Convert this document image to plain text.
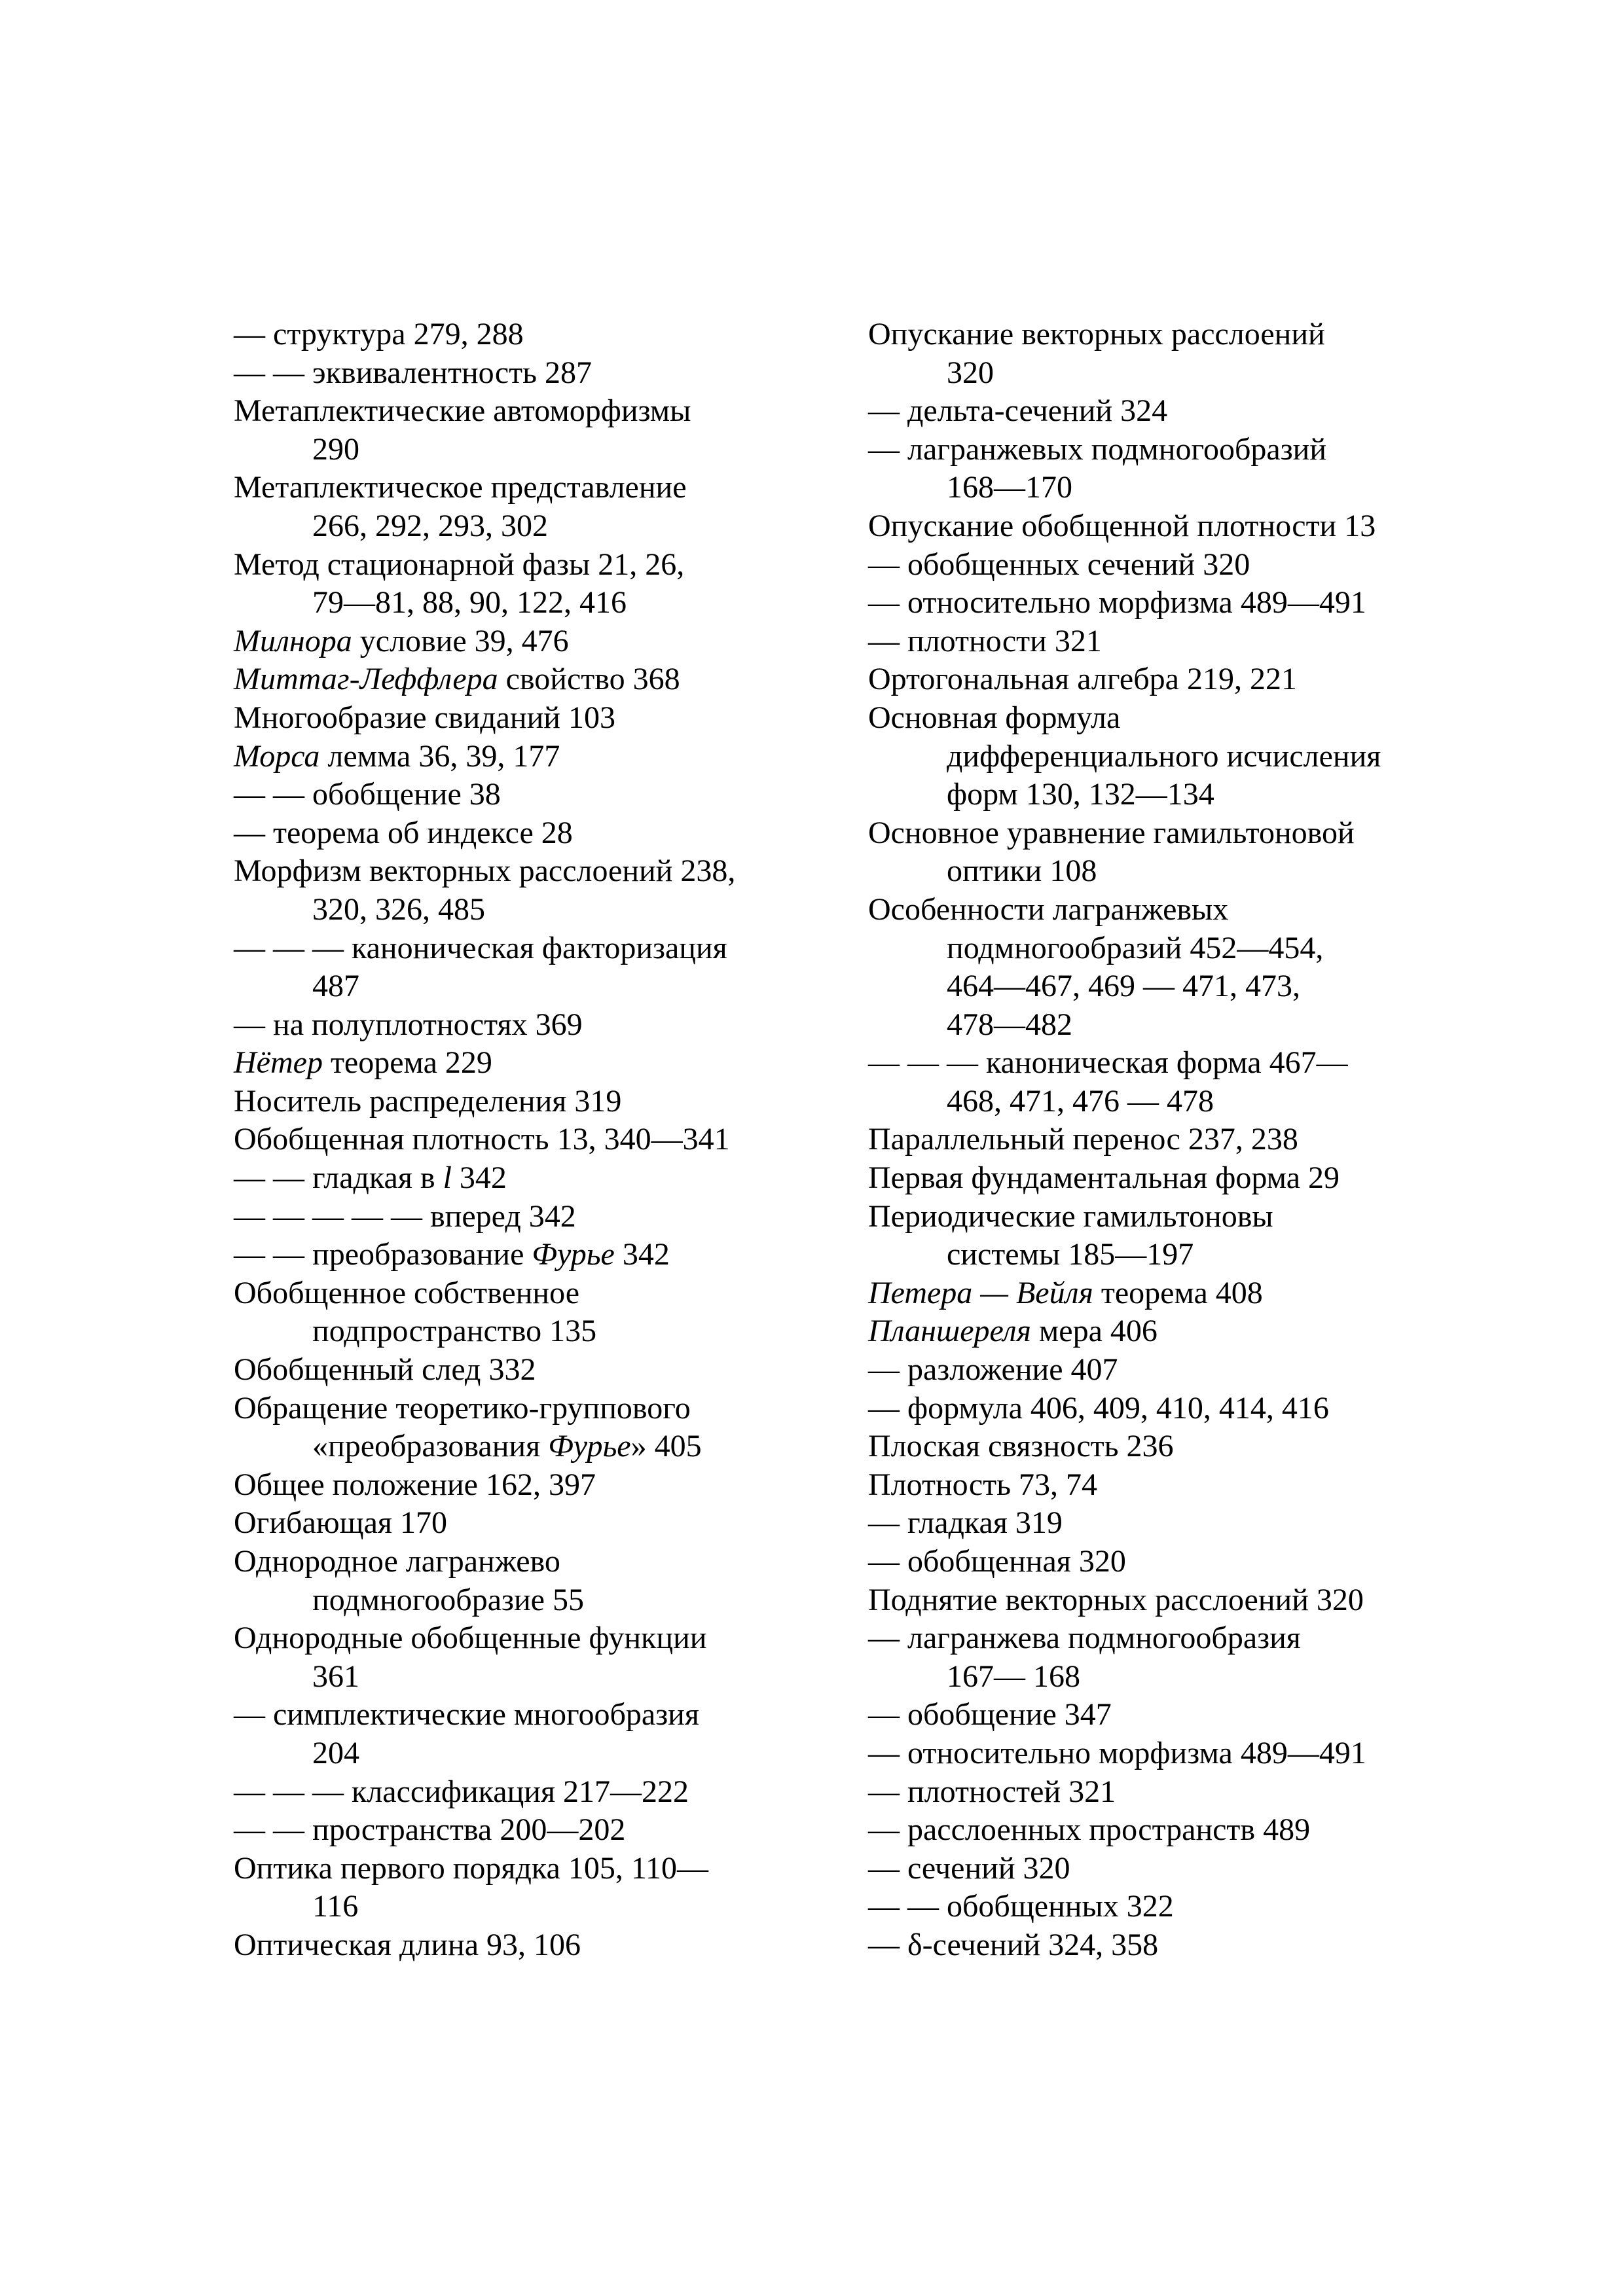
— структура 279, 288
— — эквивалентность 287
Метаплектические автоморфизмы
290
Метаплектическое представление
266, 292, 293, 302
Метод стационарной фазы 21, 26,
79—81, 88, 90, 122, 416
Милнора условие 39, 476
Миттаг-Леффлера свойство 368
Многообразие свиданий 103
Морса лемма 36, 39, 177
— — обобщение 38
— теорема об индексе 28
Морфизм векторных расслоений 238,
320, 326, 485
— — — каноническая факторизация
487
— на полуплотностях 369
Нётер теорема 229
Носитель распределения 319
Обобщенная плотность 13, 340—341
— — гладкая в l 342
— — — — — вперед 342
— — преобразование Фурье 342
Обобщенное собственное
подпространство 135
Обобщенный след 332
Обращение теоретико-группового
«преобразования Фурье» 405
Общее положение 162, 397
Огибающая 170
Однородное лагранжево
подмногообразие 55
Однородные обобщенные функции
361
— симплектические многообразия
204
— — — классификация 217—222
— — пространства 200—202
Оптика первого порядка 105, 110—
116
Оптическая длина 93, 106
Опускание векторных расслоений
320
— дельта-сечений 324
— лагранжевых подмногообразий
168—170
Опускание обобщенной плотности 13
— обобщенных сечений 320
— относительно морфизма 489—491
— плотности 321
Ортогональная алгебра 219, 221
Основная формула
дифференциального исчисления
форм 130, 132—134
Основное уравнение гамильтоновой
оптики 108
Особенности лагранжевых
подмногообразий 452—454,
464—467, 469 — 471, 473,
478—482
— — — каноническая форма 467—
468, 471, 476 — 478
Параллельный перенос 237, 238
Первая фундаментальная форма 29
Периодические гамильтоновы
системы 185—197
Петера — Вейля теорема 408
Планшереля мера 406
— разложение 407
— формула 406, 409, 410, 414, 416
Плоская связность 236
Плотность 73, 74
— гладкая 319
— обобщенная 320
Поднятие векторных расслоений 320
— лагранжева подмногообразия
167— 168
— обобщение 347
— относительно морфизма 489—491
— плотностей 321
— расслоенных пространств 489
— сечений 320
— — обобщенных 322
— δ-сечений 324, 358
